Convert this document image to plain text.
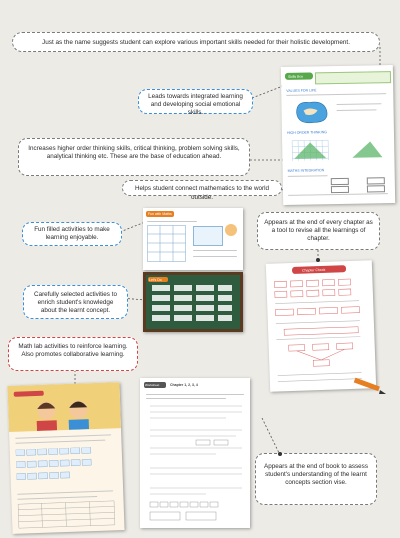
Just as the name suggests student can explore various important skills needed for their holistic development.
Leads towards integrated learning and developing social emotional skills.
Increases higher order thinking skills, critical thinking, problem solving skills, analytical thinking etc. These are the base of education ahead.
Helps student connect mathematics to the world outside.
Fun filled activities to make learning enjoyable.
Carefully selected activities to enrich student's knowledge about the learnt concept.
Appears at the end of every chapter as a tool to revise all the learnings of chapter.
Math lab activities to reinforce learning. Also promotes collaborative learning.
Appears at the end of book to assess student's understanding of the learnt concepts section vise.
Skills Box
VALUES FOR LIFE
HIGH ORDER THINKING
MATHS INTEGRATION
Fun with Maths
Let's Do
Chapter Check
Worksheet	Chapter 1, 2, 3, 4
